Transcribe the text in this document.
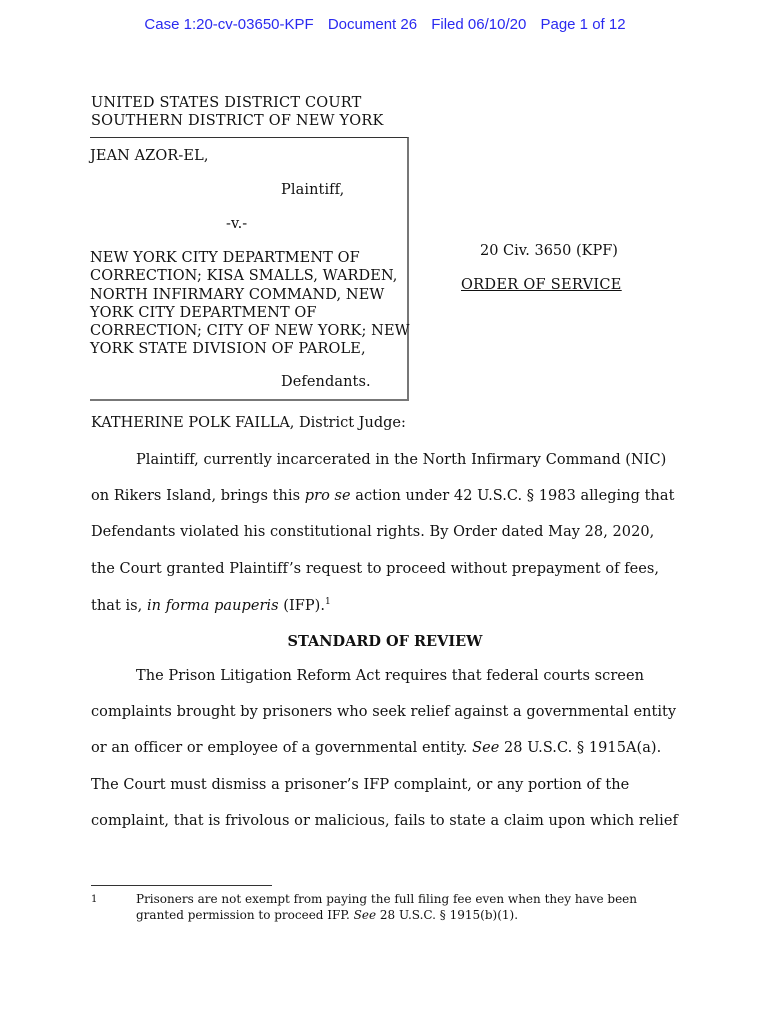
Case 1:20-cv-03650-KPF Document 26 Filed 06/10/20 Page 1 of 12
UNITED STATES DISTRICT COURT
SOUTHERN DISTRICT OF NEW YORK
JEAN AZOR-EL,
Plaintiff,
-v.-
NEW YORK CITY DEPARTMENT OF
CORRECTION; KISA SMALLS, WARDEN,
NORTH INFIRMARY COMMAND, NEW
YORK CITY DEPARTMENT OF
CORRECTION; CITY OF NEW YORK; NEW
YORK STATE DIVISION OF PAROLE,
Defendants.
20 Civ. 3650 (KPF)
ORDER OF SERVICE
KATHERINE POLK FAILLA, District Judge:
Plaintiff, currently incarcerated in the North Infirmary Command (NIC)
on Rikers Island, brings this pro se action under 42 U.S.C. § 1983 alleging that
Defendants violated his constitutional rights. By Order dated May 28, 2020,
the Court granted Plaintiff’s request to proceed without prepayment of fees,
that is, in forma pauperis (IFP).$^1$
STANDARD OF REVIEW
The Prison Litigation Reform Act requires that federal courts screen
complaints brought by prisoners who seek relief against a governmental entity
or an officer or employee of a governmental entity. See 28 U.S.C. § 1915A(a).
The Court must dismiss a prisoner’s IFP complaint, or any portion of the
complaint, that is frivolous or malicious, fails to state a claim upon which relief
1	Prisoners are not exempt from paying the full filing fee even when they have been
granted permission to proceed IFP. See 28 U.S.C. § 1915(b)(1).
